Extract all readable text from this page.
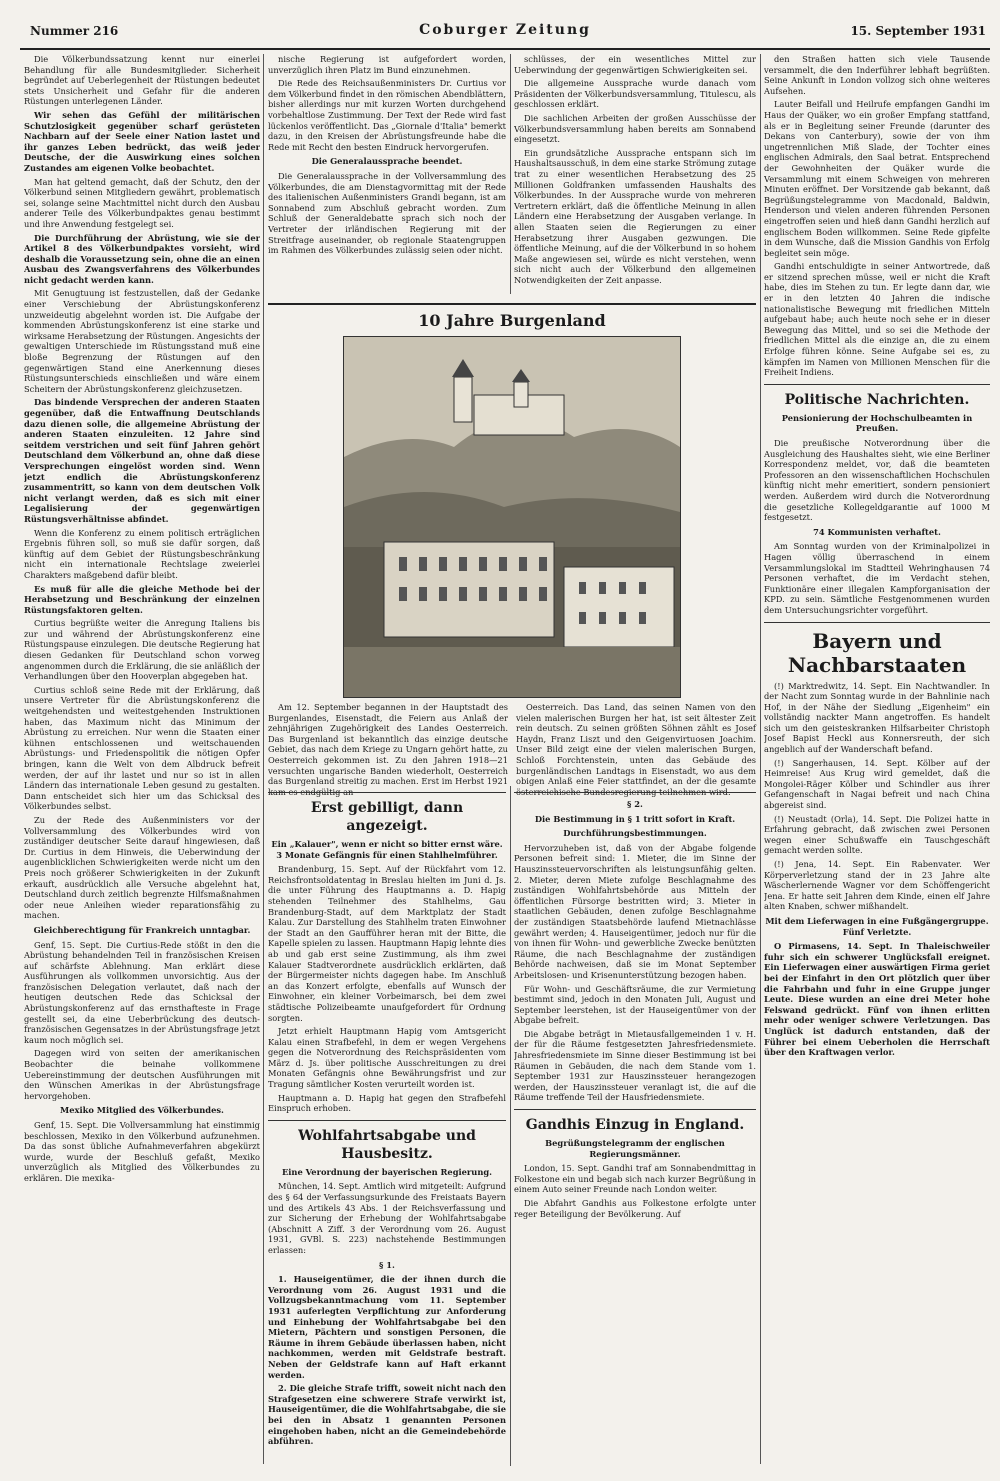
Nummer 216	Coburger Zeitung	15. September 1931

Die Völkerbundssatzung kennt nur einerlei Behandlung für alle Bundesmitglieder. Sicherheit begründet auf Ueberlegenheit der Rüstungen bedeutet stets Unsicherheit und Gefahr für die anderen Rüstungen unterlegenen Länder.

Wir sehen das Gefühl der militärischen Schutzlosigkeit gegenüber scharf gerüsteten Nachbarn auf der Seele einer Nation lastet und ihr ganzes Leben bedrückt, das weiß jeder Deutsche, der die Auswirkung eines solchen Zustandes am eigenen Volke beobachtet.

Man hat geltend gemacht, daß der Schutz, den der Völkerbund seinen Mitgliedern gewährt, problematisch sei, solange seine Machtmittel nicht durch den Ausbau anderer Teile des Völkerbundpaktes genau bestimmt und ihre Anwendung festgelegt sei.

Die Durchführung der Abrüstung, wie sie der Artikel 8 des Völkerbundpaktes vorsieht, wird deshalb die Voraussetzung sein, ohne die an einen Ausbau des Zwangsverfahrens des Völkerbundes nicht gedacht werden kann.

Mit Genugtuung ist festzustellen, daß der Gedanke einer Verschiebung der Abrüstungskonferenz unzweideutig abgelehnt worden ist. Die Aufgabe der kommenden Abrüstungskonferenz ist eine starke und wirksame Herabsetzung der Rüstungen. Angesichts der gewaltigen Unterschiede im Rüstungsstand muß eine bloße Begrenzung der Rüstungen auf den gegenwärtigen Stand eine Anerkennung dieses Rüstungsunterschieds einschließen und wäre einem Scheitern der Abrüstungskonferenz gleichzusetzen.

Das bindende Versprechen der anderen Staaten gegenüber, daß die Entwaffnung Deutschlands dazu dienen solle, die allgemeine Abrüstung der anderen Staaten einzuleiten. 12 Jahre sind seitdem verstrichen und seit fünf Jahren gehört Deutschland dem Völkerbund an, ohne daß diese Versprechungen eingelöst worden sind. Wenn jetzt endlich die Abrüstungskonferenz zusammentritt, so kann von dem deutschen Volk nicht verlangt werden, daß es sich mit einer Legalisierung der gegenwärtigen Rüstungsverhältnisse abfindet.

Wenn die Konferenz zu einem politisch erträglichen Ergebnis führen soll, so muß sie dafür sorgen, daß künftig auf dem Gebiet der Rüstungsbeschränkung nicht ein internationale Rechtslage zweierlei Charakters maßgebend dafür bleibt.

Es muß für alle die gleiche Methode bei der Herabsetzung und Beschränkung der einzelnen Rüstungsfaktoren gelten.

Curtius begrüßte weiter die Anregung Italiens bis zur und während der Abrüstungskonferenz eine Rüstungspause einzulegen. Die deutsche Regierung hat diesen Gedanken für Deutschland schon vorweg angenommen durch die Erklärung, die sie anläßlich der Verhandlungen über den Hooverplan abgegeben hat.

Curtius schloß seine Rede mit der Erklärung, daß unsere Vertreter für die Abrüstungskonferenz die weitgehendsten und weitestgehenden Instruktionen haben, das Maximum nicht das Minimum der Abrüstung zu erreichen. Nur wenn die Staaten einer kühnen entschlossenen und weitschauenden Abrüstungs- und Friedenspolitik die nötigen Opfer bringen, kann die Welt von dem Albdruck befreit werden, der auf ihr lastet und nur so ist in allen Ländern das internationale Leben gesund zu gestalten. Dann entscheidet sich hier um das Schicksal des Völkerbundes selbst.

Zu der Rede des Außenministers vor der Vollversammlung des Völkerbundes wird von zuständiger deutscher Seite darauf hingewiesen, daß Dr. Curtius in dem Hinweis, die Ueberwindung der augenblicklichen Schwierigkeiten werde nicht um den Preis noch größerer Schwierigkeiten in der Zukunft erkauft, ausdrücklich alle Versuche abgelehnt hat, Deutschland durch zeitlich begrenzte Hilfsmaßnahmen oder neue Anleihen wieder reparationsfähig zu machen.

Gleichberechtigung für Frankreich unntagbar.

Genf, 15. Sept. Die Curtius-Rede stößt in den die Abrüstung behandelnden Teil in französischen Kreisen auf schärfste Ablehnung. Man erklärt diese Ausführungen als vollkommen unvorsichtig. Aus der französischen Delegation verlautet, daß nach der heutigen deutschen Rede das Schicksal der Abrüstungskonferenz auf das ernsthafteste in Frage gestellt sei, da eine Ueberbrückung des deutsch-französischen Gegensatzes in der Abrüstungsfrage jetzt kaum noch möglich sei.

Dagegen wird von seiten der amerikanischen Beobachter die beinahe vollkommene Uebereinstimmung der deutschen Ausführungen mit den Wünschen Amerikas in der Abrüstungsfrage hervorgehoben.

Mexiko Mitglied des Völkerbundes.

Genf, 15. Sept. Die Vollversammlung hat einstimmig beschlossen, Mexiko in den Völkerbund aufzunehmen. Da das sonst übliche Aufnahmeverfahren abgekürzt wurde, wurde der Beschluß gefaßt, Mexiko unverzüglich als Mitglied des Völkerbundes zu erklären. Die mexika-

nische Regierung ist aufgefordert worden, unverzüglich ihren Platz im Bund einzunehmen.

Die Rede des Reichsaußenministers Dr. Curtius vor dem Völkerbund findet in den römischen Abendblättern, bisher allerdings nur mit kurzen Worten durchgehend vorbehaltlose Zustimmung. Der Text der Rede wird fast lückenlos veröffentlicht. Das „Giornale d'Italia" bemerkt dazu, in den Kreisen der Abrüstungsfreunde habe die Rede mit Recht den besten Eindruck hervorgerufen.

Die Generalaussprache beendet.

Die Generalaussprache in der Vollversammlung des Völkerbundes, die am Dienstagvormittag mit der Rede des italienischen Außenministers Grandi begann, ist am Sonnabend zum Abschluß gebracht worden. Zum Schluß der Generaldebatte sprach sich noch der Vertreter der irländischen Regierung mit der Streitfrage auseinander, ob regionale Staatengruppen im Rahmen des Völkerbundes zulässig seien oder nicht.

schlüsses, der ein wesentliches Mittel zur Ueberwindung der gegenwärtigen Schwierigkeiten sei.

Die allgemeine Aussprache wurde danach vom Präsidenten der Völkerbundsversammlung, Titulescu, als geschlossen erklärt.

Die sachlichen Arbeiten der großen Ausschüsse der Völkerbundsversammlung haben bereits am Sonnabend eingesetzt.

Ein grundsätzliche Aussprache entspann sich im Haushaltsausschuß, in dem eine starke Strömung zutage trat zu einer wesentlichen Herabsetzung des 25 Millionen Goldfranken umfassenden Haushalts des Völkerbundes. In der Aussprache wurde von mehreren Vertretern erklärt, daß die öffentliche Meinung in allen Ländern eine Herabsetzung der Ausgaben verlange. In allen Staaten seien die Regierungen zu einer Herabsetzung ihrer Ausgaben gezwungen. Die öffentliche Meinung, auf die der Völkerbund in so hohem Maße angewiesen sei, würde es nicht verstehen, wenn sich nicht auch der Völkerbund den allgemeinen Notwendigkeiten der Zeit anpasse.

10 Jahre Burgenland

Am 12. September begannen in der Hauptstadt des Burgenlandes, Eisenstadt, die Feiern aus Anlaß der zehnjährigen Zugehörigkeit des Landes Oesterreich. Das Burgenland ist bekanntlich das einzige deutsche Gebiet, das nach dem Kriege zu Ungarn gehört hatte, zu Oesterreich gekommen ist. Zu den Jahren 1918—21 versuchten ungarische Banden wiederholt, Oesterreich das Burgenland streitig zu machen. Erst im Herbst 1921 kam es endgültig an

Oesterreich. Das Land, das seinen Namen von den vielen malerischen Burgen her hat, ist seit ältester Zeit rein deutsch. Zu seinen größten Söhnen zählt es Josef Haydn, Franz Liszt und den Geigenvirtuosen Joachim. Unser Bild zeigt eine der vielen malerischen Burgen, Schloß Forchtenstein, unten das Gebäude des burgenländischen Landtags in Eisenstadt, wo aus dem obigen Anlaß eine Feier stattfindet, an der die gesamte österreichische Bundesregierung teilnehmen wird.

Erst gebilligt, dann angezeigt.

Ein „Kalauer", wenn er nicht so bitter ernst wäre. 3 Monate Gefängnis für einen Stahlhelmführer.

Brandenburg, 15. Sept. Auf der Rückfahrt vom 12. Reichsfrontsoldatentag in Breslau hielten im Juni d. Js. die unter Führung des Hauptmanns a. D. Hapig stehenden Teilnehmer des Stahlhelms, Gau Brandenburg-Stadt, auf dem Marktplatz der Stadt Kalau. Zur Darstellung des Stahlhelm traten Einwohner der Stadt an den Gaufführer heran mit der Bitte, die Kapelle spielen zu lassen. Hauptmann Hapig lehnte dies ab und gab erst seine Zustimmung, als ihm zwei Kalauer Stadtverordnete ausdrücklich erklärten, daß der Bürgermeister nichts dagegen habe. Im Anschluß an das Konzert erfolgte, ebenfalls auf Wunsch der Einwohner, ein kleiner Vorbeimarsch, bei dem zwei städtische Polizeibeamte unaufgefordert für Ordnung sorgten.

Jetzt erhielt Hauptmann Hapig vom Amtsgericht Kalau einen Strafbefehl, in dem er wegen Vergehens gegen die Notverordnung des Reichspräsidenten vom März d. Js. über politische Ausschreitungen zu drei Monaten Gefängnis ohne Bewährungsfrist und zur Tragung sämtlicher Kosten verurteilt worden ist.

Hauptmann a. D. Hapig hat gegen den Strafbefehl Einspruch erhoben.

Wohlfahrtsabgabe und Hausbesitz.

Eine Verordnung der bayerischen Regierung.

München, 14. Sept. Amtlich wird mitgeteilt: Aufgrund des § 64 der Verfassungsurkunde des Freistaats Bayern und des Artikels 43 Abs. 1 der Reichsverfassung und zur Sicherung der Erhebung der Wohlfahrtsabgabe (Abschnitt A Ziff. 3 der Verordnung vom 26. August 1931, GVBl. S. 223) nachstehende Bestimmungen erlassen:

§ 1.

1. Hauseigentümer, die der ihnen durch die Verordnung vom 26. August 1931 und die Vollzugsbekanntmachung vom 11. September 1931 auferlegten Verpflichtung zur Anforderung und Einhebung der Wohlfahrtsabgabe bei den Mietern, Pächtern und sonstigen Personen, die Räume in ihrem Gebäude überlassen haben, nicht nachkommen, werden mit Geldstrafe bestraft. Neben der Geldstrafe kann auf Haft erkannt werden.

2. Die gleiche Strafe trifft, soweit nicht nach den Strafgesetzen eine schwerere Strafe verwirkt ist, Hauseigentümer, die die Wohlfahrtsabgabe, die sie bei den in Absatz 1 genannten Personen eingehoben haben, nicht an die Gemeindebehörde abführen.

§ 2.

Die Bestimmung in § 1 tritt sofort in Kraft.

Durchführungsbestimmungen.

Hervorzuheben ist, daß von der Abgabe folgende Personen befreit sind: 1. Mieter, die im Sinne der Hauszinssteuervorschriften als leistungsunfähig gelten. 2. Mieter, deren Miete zufolge Beschlagnahme des zuständigen Wohlfahrtsbehörde aus Mitteln der öffentlichen Fürsorge bestritten wird; 3. Mieter in staatlichen Gebäuden, denen zufolge Beschlagnahme der zuständigen Staatsbehörde laufend Mietnachlässe gewährt werden; 4. Hauseigentümer, jedoch nur für die von ihnen für Wohn- und gewerbliche Zwecke benützten Räume, die nach Beschlagnahme der zuständigen Behörde nachweisen, daß sie im Monat September Arbeitslosen- und Krisenunterstützung bezogen haben.

Für Wohn- und Geschäftsräume, die zur Vermietung bestimmt sind, jedoch in den Monaten Juli, August und September leerstehen, ist der Hauseigentümer von der Abgabe befreit.

Die Abgabe beträgt in Mietausfallgemeinden 1 v. H. der für die Räume festgesetzten Jahresfriedensmiete. Jahresfriedensmiete im Sinne dieser Bestimmung ist bei Räumen in Gebäuden, die nach dem Stande vom 1. September 1931 zur Hauszinssteuer herangezogen werden, der Hauszinssteuer veranlagt ist, die auf die Räume treffende Teil der Hausfriedensmiete.

Gandhis Einzug in England.

Begrüßungstelegramm der englischen Regierungsmänner.

London, 15. Sept. Gandhi traf am Sonnabendmittag in Folkestone ein und begab sich nach kurzer Begrüßung in einem Auto seiner Freunde nach London weiter.

Die Abfahrt Gandhis aus Folkestone erfolgte unter reger Beteiligung der Bevölkerung. Auf

den Straßen hatten sich viele Tausende versammelt, die den Inderführer lebhaft begrüßten. Seine Ankunft in London vollzog sich ohne weiteres Aufsehen.

Lauter Beifall und Heilrufe empfangen Gandhi im Haus der Quäker, wo ein großer Empfang stattfand, als er in Begleitung seiner Freunde (darunter des Dekans von Canterbury), sowie der von ihm ungetrennlichen Miß Slade, der Tochter eines englischen Admirals, den Saal betrat. Entsprechend der Gewohnheiten der Quäker wurde die Versammlung mit einem Schweigen von mehreren Minuten eröffnet. Der Vorsitzende gab bekannt, daß Begrüßungstelegramme von Macdonald, Baldwin, Henderson und vielen anderen führenden Personen eingetroffen seien und hieß dann Gandhi herzlich auf englischem Boden willkommen. Seine Rede gipfelte in dem Wunsche, daß die Mission Gandhis von Erfolg begleitet sein möge.

Gandhi entschuldigte in seiner Antwortrede, daß er sitzend sprechen müsse, weil er nicht die Kraft habe, dies im Stehen zu tun. Er legte dann dar, wie er in den letzten 40 Jahren die indische nationalistische Bewegung mit friedlichen Mitteln aufgebaut habe; auch heute noch sehe er in dieser Bewegung das Mittel, und so sei die Methode der friedlichen Mittel als die einzige an, die zu einem Erfolge führen könne. Seine Aufgabe sei es, zu kämpfen im Namen von Millionen Menschen für die Freiheit Indiens.

Politische Nachrichten.

Pensionierung der Hochschulbeamten in Preußen.

Die preußische Notverordnung über die Ausgleichung des Haushaltes sieht, wie eine Berliner Korrespondenz meldet, vor, daß die beamteten Professoren an den wissenschaftlichen Hochschulen künftig nicht mehr emeritiert, sondern pensioniert werden. Außerdem wird durch die Notverordnung die gesetzliche Kollegeldgarantie auf 1000 M festgesetzt.

74 Kommunisten verhaftet.

Am Sonntag wurden von der Kriminalpolizei in Hagen völlig überraschend in einem Versammlungslokal im Stadtteil Wehringhausen 74 Personen verhaftet, die im Verdacht stehen, Funktionäre einer illegalen Kampforganisation der KPD. zu sein. Sämtliche Festgenommenen wurden dem Untersuchungsrichter vorgeführt.

Bayern und Nachbarstaaten

(!) Marktredwitz, 14. Sept. Ein Nachtwandler. In der Nacht zum Sonntag wurde in der Bahnlinie nach Hof, in der Nähe der Siedlung „Eigenheim" ein vollständig nackter Mann angetroffen. Es handelt sich um den geisteskranken Hilfsarbeiter Christoph Josef Bapist Heckl aus Konnersreuth, der sich angeblich auf der Wanderschaft befand.

(!) Sangerhausen, 14. Sept. Kölber auf der Heimreise! Aus Krug wird gemeldet, daß die Mongolei-Räger Kölber und Schindler aus ihrer Gefangenschaft in Nagai befreit und nach China abgereist sind.

(!) Neustadt (Orla), 14. Sept. Die Polizei hatte in Erfahrung gebracht, daß zwischen zwei Personen wegen einer Schußwaffe ein Tauschgeschäft gemacht werden sollte.

(!) Jena, 14. Sept. Ein Rabenvater. Wer Körperverletzung stand der in 23 Jahre alte Wäscherlernende Wagner vor dem Schöffengericht Jena. Er hatte seit Jahren dem Kinde, einen elf Jahre alten Knaben, schwer mißhandelt.

Mit dem Lieferwagen in eine Fußgängergruppe. Fünf Verletzte.

O Pirmasens, 14. Sept. In Thaleischweiler fuhr sich ein schwerer Unglücksfall ereignet. Ein Lieferwagen einer auswärtigen Firma geriet bei der Einfahrt in den Ort plötzlich quer über die Fahrbahn und fuhr in eine Gruppe junger Leute. Diese wurden an eine drei Meter hohe Felswand gedrückt. Fünf von ihnen erlitten mehr oder weniger schwere Verletzungen. Das Unglück ist dadurch entstanden, daß der Führer bei einem Ueberholen die Herrschaft über den Kraftwagen verlor.
